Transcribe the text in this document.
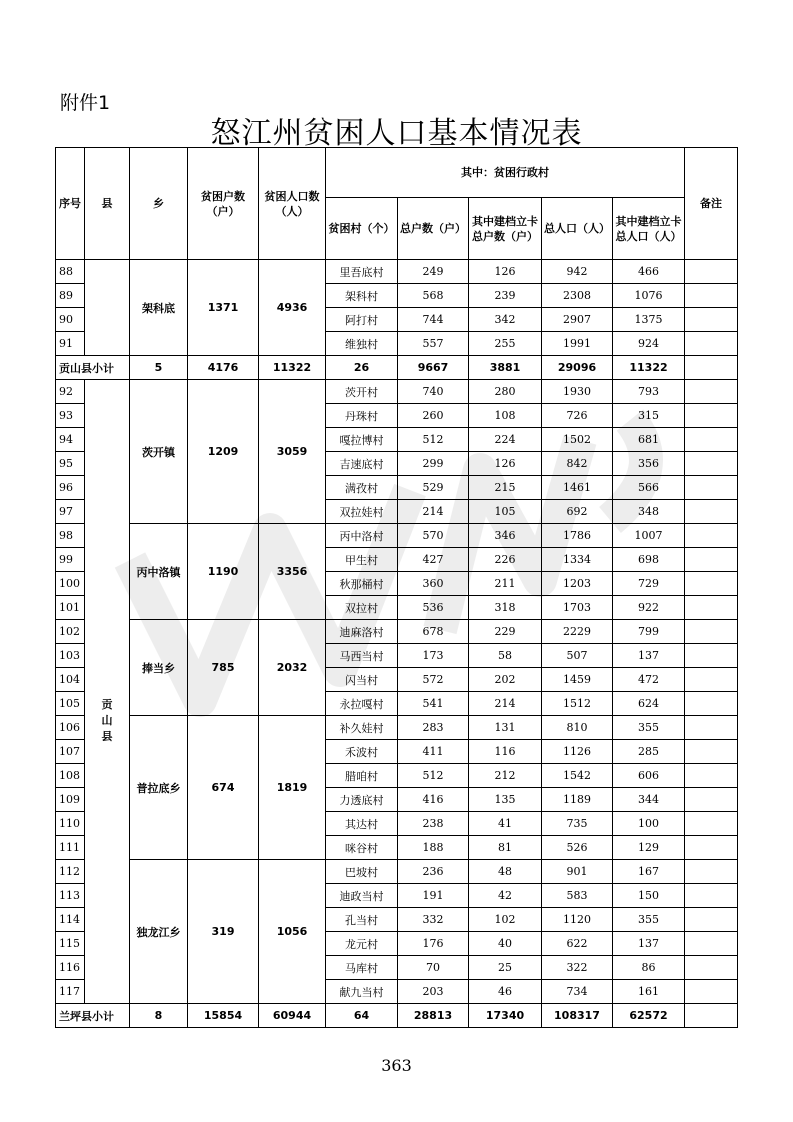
附件1
怒江州贫困人口基本情况表
序号	县	乡	贫困户数（户）	贫困人口数（人）	其中：贫困行政村					备注
					贫困村（个）	总户数（户）	其中建档立卡总户数（户）	总人口（人）	其中建档立卡总人口（人）	
88		架科底	1371	4936	里吾底村	249	126	942	466	
89					架科村	568	239	2308	1076	
90					阿打村	744	342	2907	1375	
91					维独村	557	255	1991	924	
贡山县小计		5	4176	11322	26	9667	3881	29096	11322	
92	贡山县	茨开镇	1209	3059	茨开村	740	280	1930	793	
93					丹珠村	260	108	726	315	
94					嘎拉博村	512	224	1502	681	
95					吉速底村	299	126	842	356	
96					满孜村	529	215	1461	566	
97					双拉娃村	214	105	692	348	
98		丙中洛镇	1190	3356	丙中洛村	570	346	1786	1007	
99					甲生村	427	226	1334	698	
100					秋那桶村	360	211	1203	729	
101					双拉村	536	318	1703	922	
102		捧当乡	785	2032	迪麻洛村	678	229	2229	799	
103					马西当村	173	58	507	137	
104					闪当村	572	202	1459	472	
105					永拉嘎村	541	214	1512	624	
106		普拉底乡	674	1819	补久娃村	283	131	810	355	
107					禾波村	411	116	1126	285	
108					腊咱村	512	212	1542	606	
109					力透底村	416	135	1189	344	
110					其达村	238	41	735	100	
111					咪谷村	188	81	526	129	
112		独龙江乡	319	1056	巴坡村	236	48	901	167	
113					迪政当村	191	42	583	150	
114					孔当村	332	102	1120	355	
115					龙元村	176	40	622	137	
116					马库村	70	25	322	86	
117					献九当村	203	46	734	161	
兰坪县小计		8	15854	60944	64	28813	17340	108317	62572	
363
